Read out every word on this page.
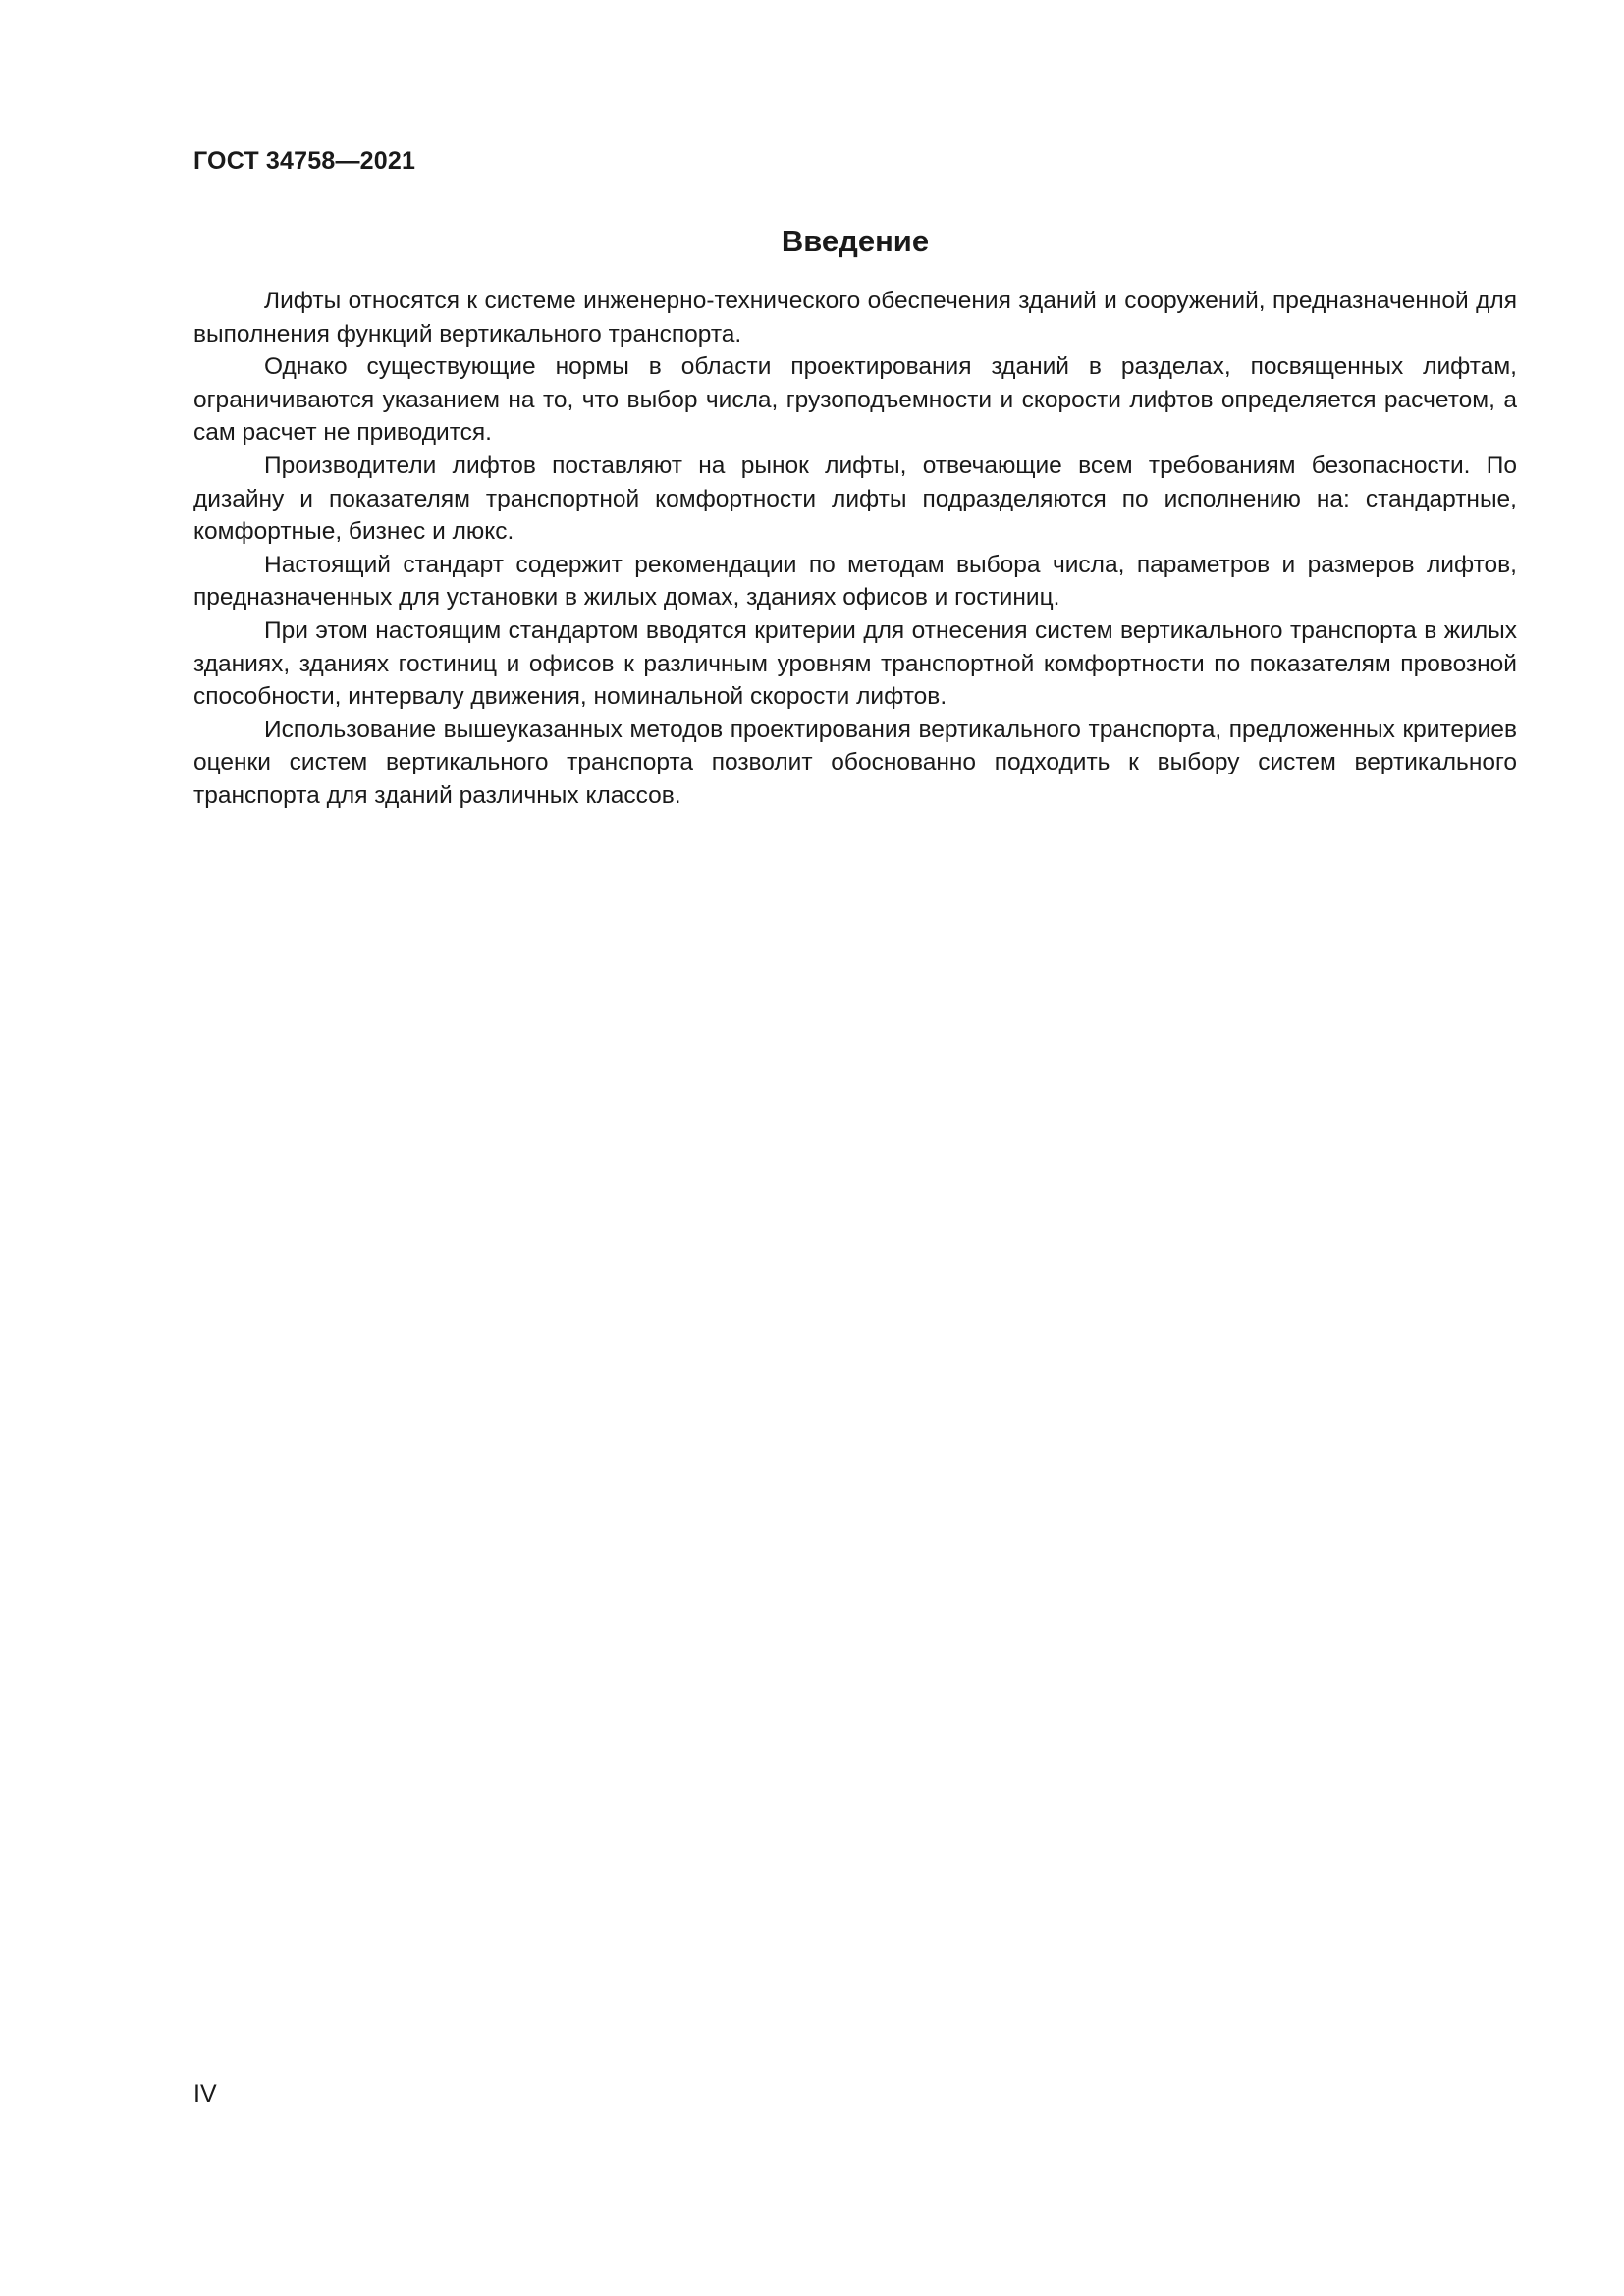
ГОСТ 34758—2021
Введение

Лифты относятся к системе инженерно-технического обеспечения зданий и сооружений, предназначенной для выполнения функций вертикального транспорта.

Однако существующие нормы в области проектирования зданий в разделах, посвященных лифтам, ограничиваются указанием на то, что выбор числа, грузоподъемности и скорости лифтов определяется расчетом, а сам расчет не приводится.

Производители лифтов поставляют на рынок лифты, отвечающие всем требованиям безопасности. По дизайну и показателям транспортной комфортности лифты подразделяются по исполнению на: стандартные, комфортные, бизнес и люкс.

Настоящий стандарт содержит рекомендации по методам выбора числа, параметров и размеров лифтов, предназначенных для установки в жилых домах, зданиях офисов и гостиниц.

При этом настоящим стандартом вводятся критерии для отнесения систем вертикального транспорта в жилых зданиях, зданиях гостиниц и офисов к различным уровням транспортной комфортности по показателям провозной способности, интервалу движения, номинальной скорости лифтов.

Использование вышеуказанных методов проектирования вертикального транспорта, предложенных критериев оценки систем вертикального транспорта позволит обоснованно подходить к выбору систем вертикального транспорта для зданий различных классов.

IV
